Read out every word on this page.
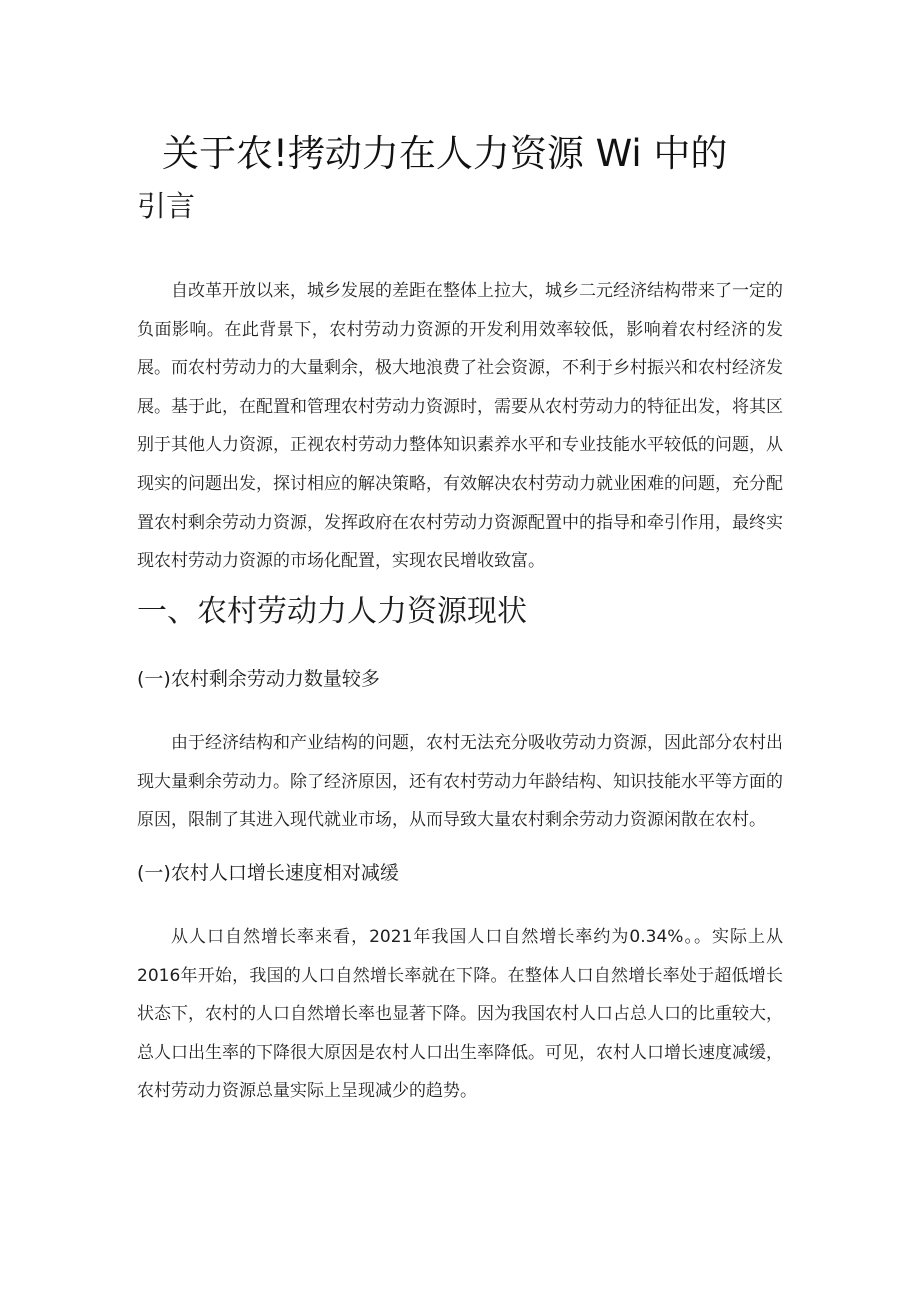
关于农!拷动力在人力资源 Wi 中的
引言

自改革开放以来，城乡发展的差距在整体上拉大，城乡二元经济结构带来了一定的负面影响。在此背景下，农村劳动力资源的开发利用效率较低，影响着农村经济的发展。而农村劳动力的大量剩余，极大地浪费了社会资源，不利于乡村振兴和农村经济发展。基于此，在配置和管理农村劳动力资源时，需要从农村劳动力的特征出发，将其区别于其他人力资源，正视农村劳动力整体知识素养水平和专业技能水平较低的问题，从现实的问题出发，探讨相应的解决策略，有效解决农村劳动力就业困难的问题，充分配置农村剩余劳动力资源，发挥政府在农村劳动力资源配置中的指导和牵引作用，最终实现农村劳动力资源的市场化配置，实现农民增收致富。

一、农村劳动力人力资源现状
(一)农村剩余劳动力数量较多

由于经济结构和产业结构的问题，农村无法充分吸收劳动力资源，因此部分农村出现大量剩余劳动力。除了经济原因，还有农村劳动力年龄结构、知识技能水平等方面的原因，限制了其进入现代就业市场，从而导致大量农村剩余劳动力资源闲散在农村。

(一)农村人口增长速度相对减缓

从人口自然增长率来看，2021年我国人口自然增长率约为0.34%。。实际上从2016年开始，我国的人口自然增长率就在下降。在整体人口自然增长率处于超低增长状态下，农村的人口自然增长率也显著下降。因为我国农村人口占总人口的比重较大，总人口出生率的下降很大原因是农村人口出生率降低。可见，农村人口增长速度减缓，农村劳动力资源总量实际上呈现减少的趋势。
